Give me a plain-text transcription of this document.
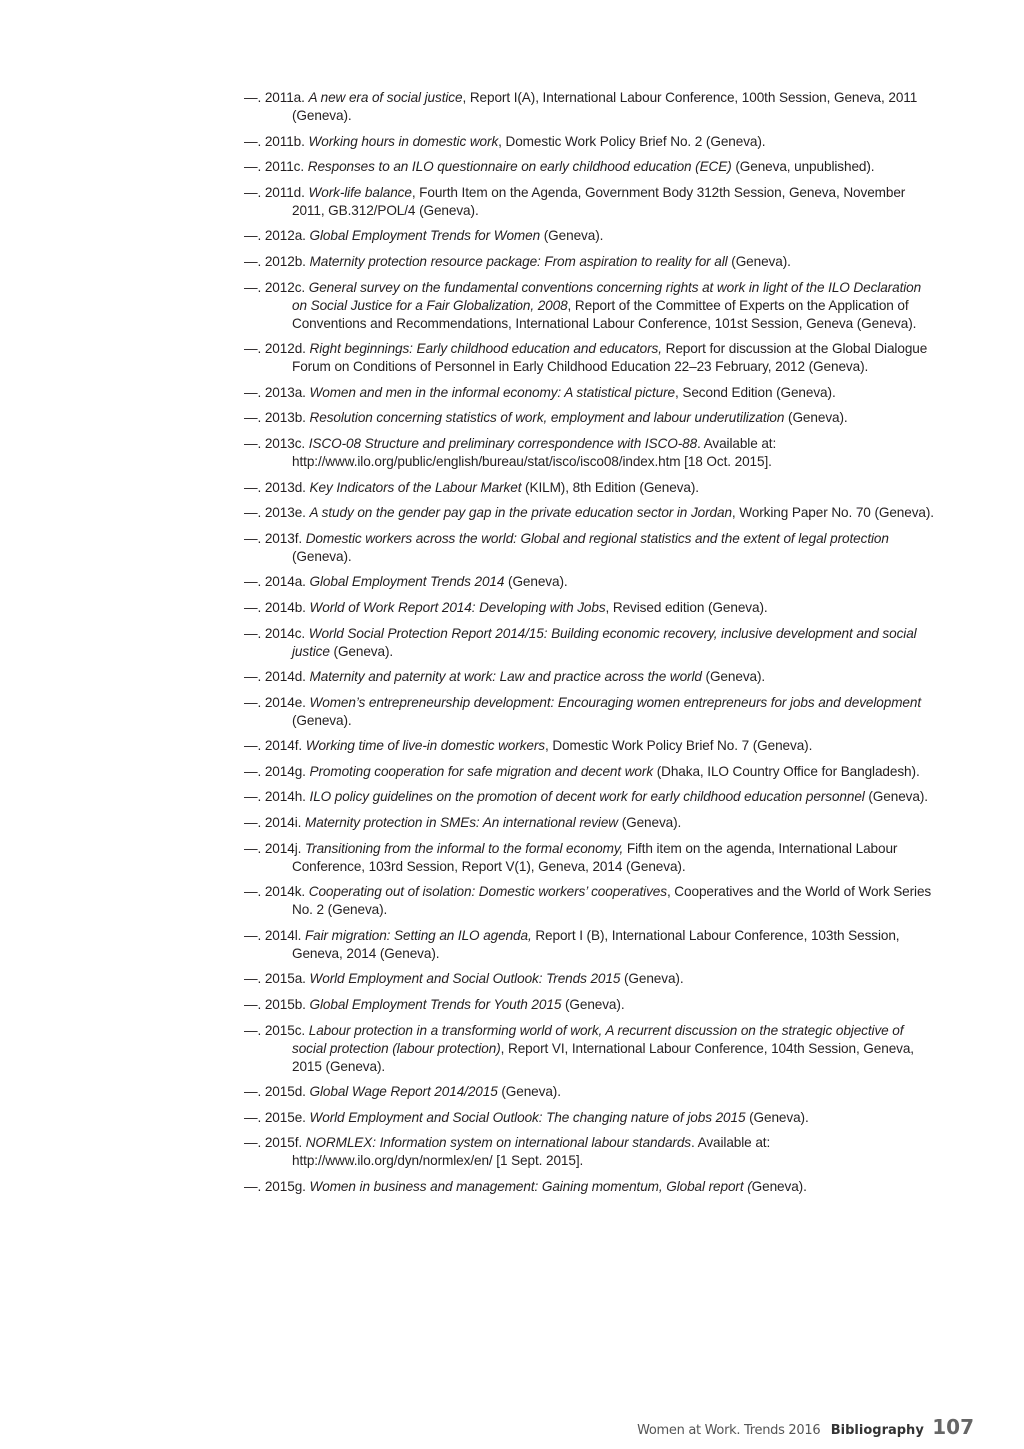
—. 2011a. A new era of social justice, Report I(A), International Labour Conference, 100th Session, Geneva, 2011 (Geneva).

—. 2011b. Working hours in domestic work, Domestic Work Policy Brief No. 2 (Geneva).

—. 2011c. Responses to an ILO questionnaire on early childhood education (ECE) (Geneva, unpublished).

—. 2011d. Work-life balance, Fourth Item on the Agenda, Government Body 312th Session, Geneva, November 2011, GB.312/POL/4 (Geneva).

—. 2012a. Global Employment Trends for Women (Geneva).

—. 2012b. Maternity protection resource package: From aspiration to reality for all (Geneva).

—. 2012c. General survey on the fundamental conventions concerning rights at work in light of the ILO Declaration on Social Justice for a Fair Globalization, 2008, Report of the Committee of Experts on the Application of Conventions and Recommendations, International Labour Conference, 101st Session, Geneva (Geneva).

—. 2012d. Right beginnings: Early childhood education and educators, Report for discussion at the Global Dialogue Forum on Conditions of Personnel in Early Childhood Education 22–23 February, 2012 (Geneva).

—. 2013a. Women and men in the informal economy: A statistical picture, Second Edition (Geneva).

—. 2013b. Resolution concerning statistics of work, employment and labour underutilization (Geneva).

—. 2013c. ISCO-08 Structure and preliminary correspondence with ISCO-88. Available at: http://www.ilo.org/public/english/bureau/stat/isco/isco08/index.htm [18 Oct. 2015].

—. 2013d. Key Indicators of the Labour Market (KILM), 8th Edition (Geneva).

—. 2013e. A study on the gender pay gap in the private education sector in Jordan, Working Paper No. 70 (Geneva).

—. 2013f. Domestic workers across the world: Global and regional statistics and the extent of legal protection (Geneva).

—. 2014a. Global Employment Trends 2014 (Geneva).

—. 2014b. World of Work Report 2014: Developing with Jobs, Revised edition (Geneva).

—. 2014c. World Social Protection Report 2014/15: Building economic recovery, inclusive development and social justice (Geneva).

—. 2014d. Maternity and paternity at work: Law and practice across the world (Geneva).

—. 2014e. Women’s entrepreneurship development: Encouraging women entrepreneurs for jobs and development (Geneva).

—. 2014f. Working time of live-in domestic workers, Domestic Work Policy Brief No. 7 (Geneva).

—. 2014g. Promoting cooperation for safe migration and decent work (Dhaka, ILO Country Office for Bangladesh).

—. 2014h. ILO policy guidelines on the promotion of decent work for early childhood education personnel (Geneva).

—. 2014i. Maternity protection in SMEs: An international review (Geneva).

—. 2014j. Transitioning from the informal to the formal economy, Fifth item on the agenda, International Labour Conference, 103rd Session, Report V(1), Geneva, 2014 (Geneva).

—. 2014k. Cooperating out of isolation: Domestic workers’ cooperatives, Cooperatives and the World of Work Series No. 2 (Geneva).

—. 2014l. Fair migration: Setting an ILO agenda, Report I (B), International Labour Conference, 103th Session, Geneva, 2014 (Geneva).

—. 2015a. World Employment and Social Outlook: Trends 2015 (Geneva).

—. 2015b. Global Employment Trends for Youth 2015 (Geneva).

—. 2015c. Labour protection in a transforming world of work, A recurrent discussion on the strategic objective of social protection (labour protection), Report VI, International Labour Conference, 104th Session, Geneva, 2015 (Geneva).

—. 2015d. Global Wage Report 2014/2015 (Geneva).

—. 2015e. World Employment and Social Outlook: The changing nature of jobs 2015 (Geneva).

—. 2015f. NORMLEX: Information system on international labour standards. Available at: http://www.ilo.org/dyn/normlex/en/ [1 Sept. 2015].

—. 2015g. Women in business and management: Gaining momentum, Global report (Geneva).

Women at Work. Trends 2016 Bibliography 107
